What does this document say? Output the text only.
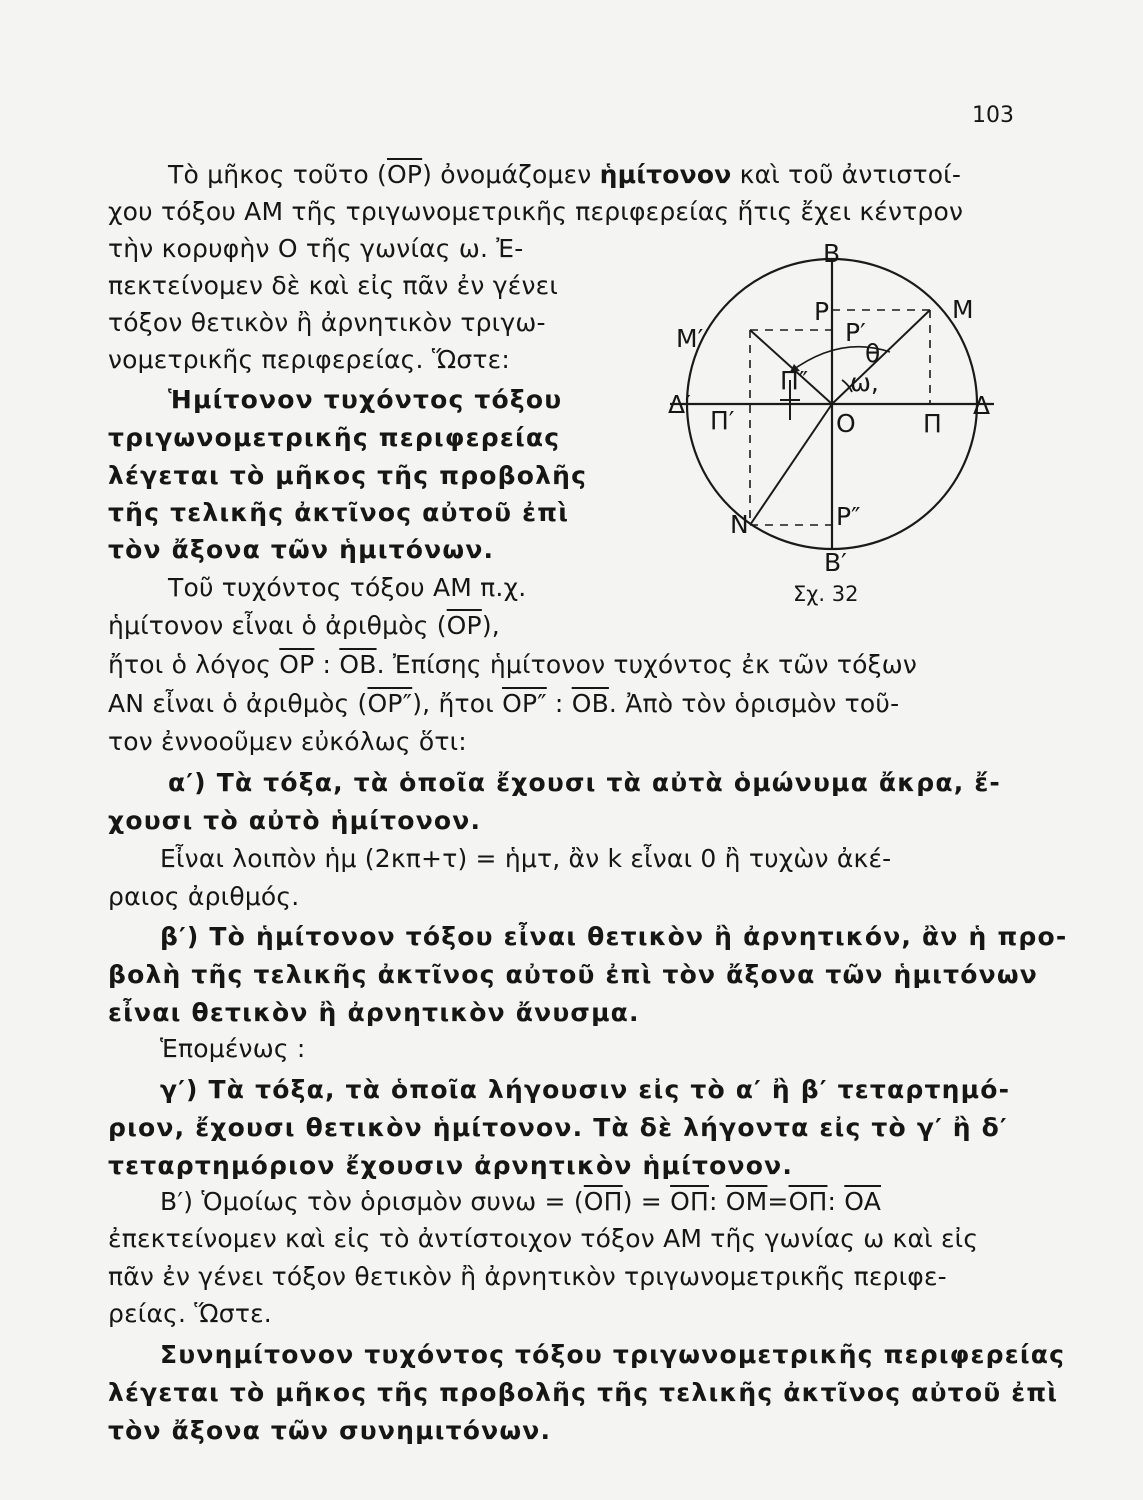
103
Τὸ μῆκος τοῦτο $(\overline{OP})$ ὀνομάζομεν ἡμίτονον καὶ τοῦ ἀντιστοί-
χου τόξου AM τῆς τριγωνομετρικῆς περιφερείας ἥτις ἔχει κέντρον
τὴν κορυφὴν O τῆς γωνίας ω. Ἐ-
πεκτείνομεν δὲ καὶ εἰς πᾶν ἐν γένει
τόξον θετικὸν ἢ ἀρνητικὸν τριγω-
νομετρικῆς περιφερείας. Ὥστε:
Ἡμίτονον τυχόντος τόξου
τριγωνομετρικῆς περιφερείας
λέγεται τὸ μῆκος τῆς προβολῆς
τῆς τελικῆς ἀκτῖνος αὐτοῦ ἐπὶ
τὸν ἄξονα τῶν ἡμιτόνων.
Τοῦ τυχόντος τόξου AM π.χ.
ἡμίτονον εἶναι ὁ ἀριθμὸς $(\overline{OP})$,
ἤτοι ὁ λόγος $\overline{OP}$ : $\overline{OB}$. Ἐπίσης ἡμίτονον τυχόντος ἐκ τῶν τόξων
AN εἶναι ὁ ἀριθμὸς (OP″), ἤτοι OP″ : $\overline{OB}$. Ἀπὸ τὸν ὁρισμὸν τοῦ-
τον ἐννοοῦμεν εὐκόλως ὅτι:
α′) Τὰ τόξα, τὰ ὁποῖα ἔχουσι τὰ αὐτὰ ὁμώνυμα ἄκρα, ἔ-
χουσι τὸ αὐτὸ ἡμίτονον.
Εἶναι λοιπὸν ἡμ (2κπ+τ) = ἡμτ, ἂν k εἶναι 0 ἢ τυχὼν ἀκέ-
ραιος ἀριθμός.
β′) Τὸ ἡμίτονον τόξου εἶναι θετικὸν ἢ ἀρνητικόν, ἂν ἡ προ-
βολὴ τῆς τελικῆς ἀκτῖνος αὐτοῦ ἐπὶ τὸν ἄξονα τῶν ἡμιτόνων
εἶναι θετικὸν ἢ ἀρνητικὸν ἄνυσμα.
Ἑπομένως :
γ′) Τὰ τόξα, τὰ ὁποῖα λήγουσιν εἰς τὸ α′ ἢ β′ τεταρτημό-
ριον, ἔχουσι θετικὸν ἡμίτονον. Τὰ δὲ λήγοντα εἰς τὸ γ′ ἢ δ′
τεταρτημόριον ἔχουσιν ἀρνητικὸν ἡμίτονον.
B′) Ὁμοίως τὸν ὁρισμὸν $\sigma\upsilon\nu\omega = (\overline{O\Pi}) = \overline{O\Pi}$: $\overline{OM}=\overline{O\Pi}$: $\overline{OA}$
ἐπεκτείνομεν καὶ εἰς τὸ ἀντίστοιχον τόξον AM τῆς γωνίας ω καὶ εἰς
πᾶν ἐν γένει τόξον θετικὸν ἢ ἀρνητικὸν τριγωνομετρικῆς περιφε-
ρείας. Ὥστε.
Συνημίτονον τυχόντος τόξου τριγωνομετρικῆς περιφερείας
λέγεται τὸ μῆκος τῆς προβολῆς τῆς τελικῆς ἀκτῖνος αὐτοῦ ἐπὶ
τὸν ἄξονα τῶν συνημιτόνων.
B
P
P′
θ
M
M′
Π″ ω,
Δ′
Π′	O	Π
Δ
N	P″
B′
Σχ. 32
